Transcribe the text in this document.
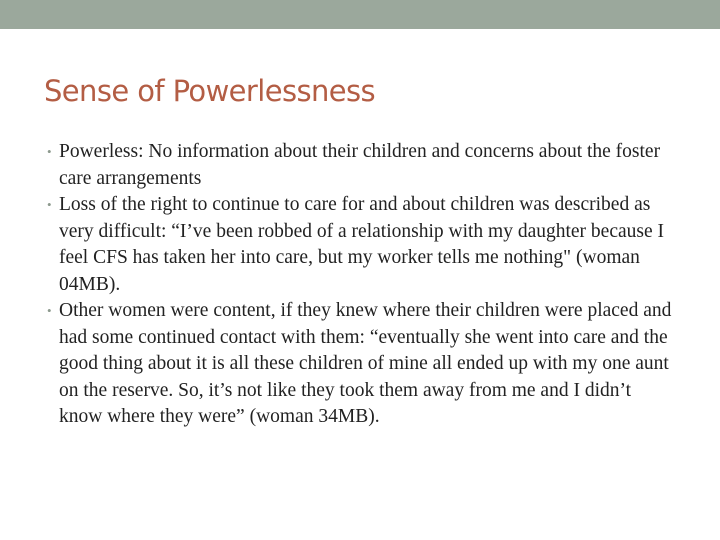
Sense of Powerlessness
• Powerless: No information about their children and concerns about the foster care arrangements
• Loss of the right to continue to care for and about children was described as very difficult: “I’ve been robbed of a relationship with my daughter because I feel CFS has taken her into care, but my worker tells me nothing" (woman 04MB).
• Other women were content, if they knew where their children were placed and had some continued contact with them: “eventually she went into care and the good thing about it is all these children of mine all ended up with my one aunt on the reserve. So, it’s not like they took them away from me and I didn’t know where they were” (woman 34MB).
